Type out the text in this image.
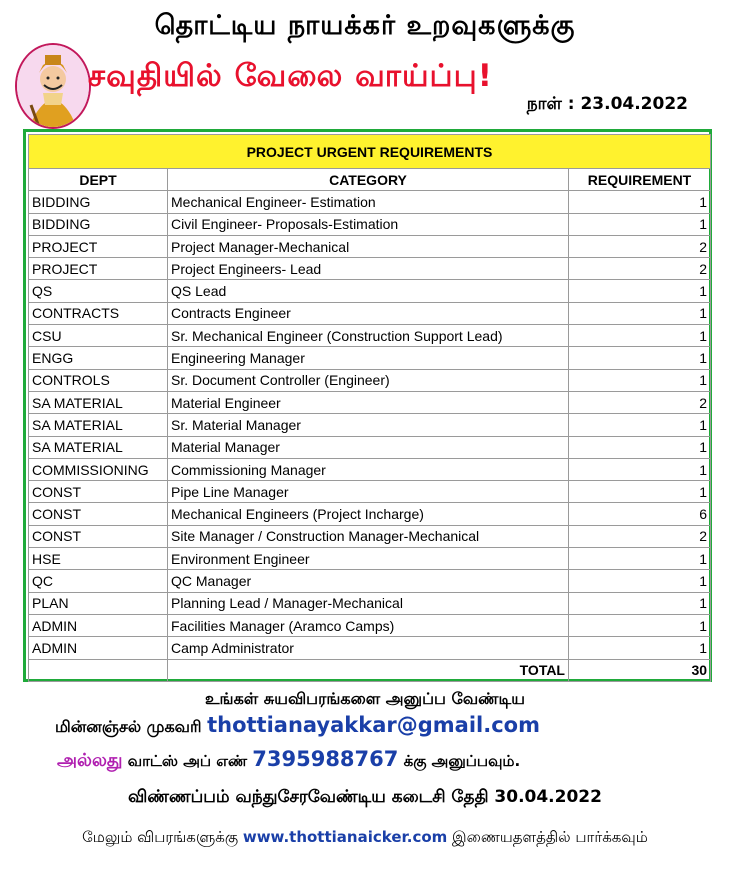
தொட்டிய நாயக்கர் உறவுகளுக்கு
சவுதியில் வேலை வாய்ப்பு!
நாள் : 23.04.2022
PROJECT URGENT REQUIREMENTS		
DEPT	CATEGORY	REQUIREMENT
BIDDING	Mechanical Engineer- Estimation	1
BIDDING	Civil Engineer- Proposals-Estimation	1
PROJECT	Project Manager-Mechanical	2
PROJECT	Project Engineers- Lead	2
QS	QS Lead	1
CONTRACTS	Contracts Engineer	1
CSU	Sr. Mechanical Engineer (Construction Support Lead)	1
ENGG	Engineering Manager	1
CONTROLS	Sr. Document Controller (Engineer)	1
SA MATERIAL	Material Engineer	2
SA MATERIAL	Sr. Material Manager	1
SA MATERIAL	Material Manager	1
COMMISSIONING	Commissioning Manager	1
CONST	Pipe Line Manager	1
CONST	Mechanical Engineers (Project Incharge)	6
CONST	Site Manager / Construction Manager-Mechanical	2
HSE	Environment Engineer	1
QC	QC Manager	1
PLAN	Planning Lead / Manager-Mechanical	1
ADMIN	Facilities Manager (Aramco Camps)	1
ADMIN	Camp Administrator	1
	TOTAL	30
உங்கள் சுயவிபரங்களை அனுப்ப வேண்டிய
மின்னஞ்சல் முகவரி thottianayakkar@gmail.com
அல்லது வாட்ஸ் அப் எண் 7395988767 க்கு அனுப்பவும்.
விண்ணப்பம் வந்துசேரவேண்டிய கடைசி தேதி 30.04.2022
மேலும் விபரங்களுக்கு www.thottianaicker.com இணையதளத்தில் பார்க்கவும்
